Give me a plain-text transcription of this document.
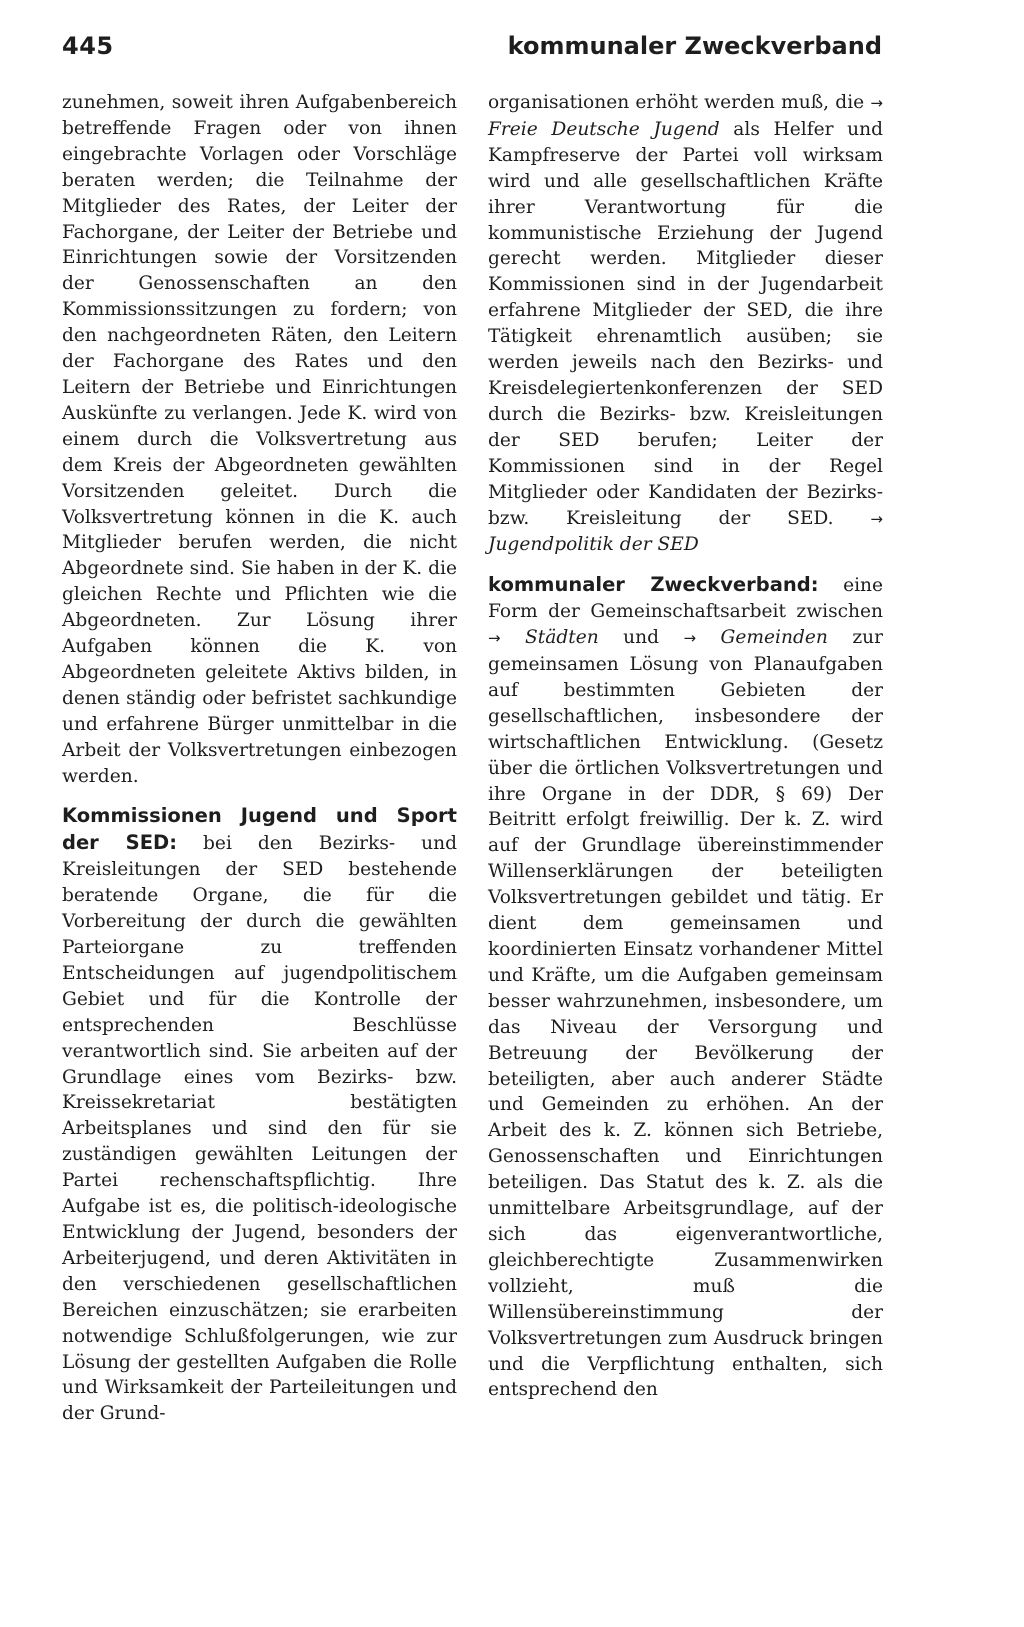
445	kommunaler Zweckverband

zunehmen, soweit ihren Aufgabenbereich betreffende Fragen oder von ihnen eingebrachte Vorlagen oder Vorschläge beraten werden; die Teilnahme der Mitglieder des Rates, der Leiter der Fachorgane, der Leiter der Betriebe und Einrichtungen sowie der Vorsitzenden der Genossenschaften an den Kommissionssitzungen zu fordern; von den nachgeordneten Räten, den Leitern der Fachorgane des Rates und den Leitern der Betriebe und Einrichtungen Auskünfte zu verlangen. Jede K. wird von einem durch die Volksvertretung aus dem Kreis der Abgeordneten gewählten Vorsitzenden geleitet. Durch die Volksvertretung können in die K. auch Mitglieder berufen werden, die nicht Abgeordnete sind. Sie haben in der K. die gleichen Rechte und Pflichten wie die Abgeordneten. Zur Lösung ihrer Aufgaben können die K. von Abgeordneten geleitete Aktivs bilden, in denen ständig oder befristet sachkundige und erfahrene Bürger unmittelbar in die Arbeit der Volksvertretungen einbezogen werden.

Kommissionen Jugend und Sport der SED: bei den Bezirks- und Kreisleitungen der SED bestehende beratende Organe, die für die Vorbereitung der durch die gewählten Parteiorgane zu treffenden Entscheidungen auf jugendpolitischem Gebiet und für die Kontrolle der entsprechenden Beschlüsse verantwortlich sind. Sie arbeiten auf der Grundlage eines vom Bezirks- bzw. Kreissekretariat bestätigten Arbeitsplanes und sind den für sie zuständigen gewählten Leitungen der Partei rechenschaftspflichtig. Ihre Aufgabe ist es, die politisch-ideologische Entwicklung der Jugend, besonders der Arbeiterjugend, und deren Aktivitäten in den verschiedenen gesellschaftlichen Bereichen einzuschätzen; sie erarbeiten notwendige Schlußfolgerungen, wie zur Lösung der gestellten Aufgaben die Rolle und Wirksamkeit der Parteileitungen und der Grund-

organisationen erhöht werden muß, die → Freie Deutsche Jugend als Helfer und Kampfreserve der Partei voll wirksam wird und alle gesellschaftlichen Kräfte ihrer Verantwortung für die kommunistische Erziehung der Jugend gerecht werden. Mitglieder dieser Kommissionen sind in der Jugendarbeit erfahrene Mitglieder der SED, die ihre Tätigkeit ehrenamtlich ausüben; sie werden jeweils nach den Bezirks- und Kreisdelegiertenkonferenzen der SED durch die Bezirks- bzw. Kreisleitungen der SED berufen; Leiter der Kommissionen sind in der Regel Mitglieder oder Kandidaten der Bezirks- bzw. Kreisleitung der SED. → Jugendpolitik der SED

kommunaler Zweckverband: eine Form der Gemeinschaftsarbeit zwischen → Städten und → Gemeinden zur gemeinsamen Lösung von Planaufgaben auf bestimmten Gebieten der gesellschaftlichen, insbesondere der wirtschaftlichen Entwicklung. (Gesetz über die örtlichen Volksvertretungen und ihre Organe in der DDR, § 69) Der Beitritt erfolgt freiwillig. Der k. Z. wird auf der Grundlage übereinstimmender Willenserklärungen der beteiligten Volksvertretungen gebildet und tätig. Er dient dem gemeinsamen und koordinierten Einsatz vorhandener Mittel und Kräfte, um die Aufgaben gemeinsam besser wahrzunehmen, insbesondere, um das Niveau der Versorgung und Betreuung der Bevölkerung der beteiligten, aber auch anderer Städte und Gemeinden zu erhöhen. An der Arbeit des k. Z. können sich Betriebe, Genossenschaften und Einrichtungen beteiligen. Das Statut des k. Z. als die unmittelbare Arbeitsgrundlage, auf der sich das eigenverantwortliche, gleichberechtigte Zusammenwirken vollzieht, muß die Willensübereinstimmung der Volksvertretungen zum Ausdruck bringen und die Verpflichtung enthalten, sich entsprechend den
